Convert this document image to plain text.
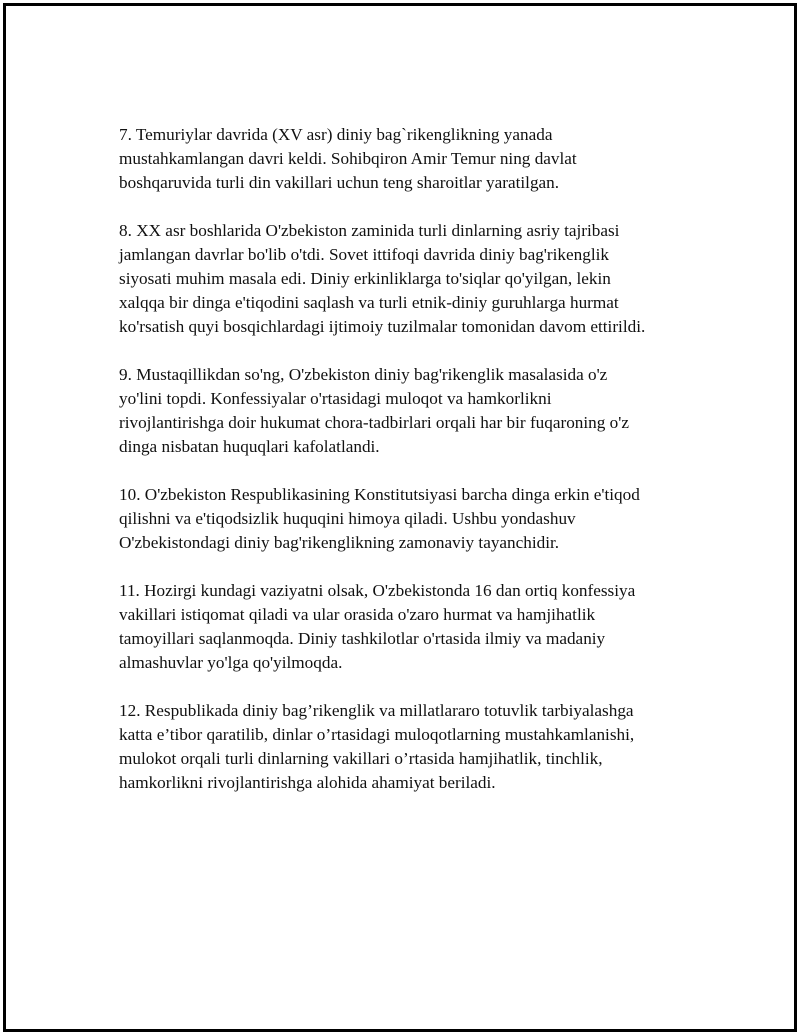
7. Temuriylar davrida (XV asr) diniy bag`rikenglikning yanada
mustahkamlangan davri keldi. Sohibqiron Amir Temur ning davlat
boshqaruvida turli din vakillari uchun teng sharoitlar yaratilgan.

8. XX asr boshlarida O'zbekiston zaminida turli dinlarning asriy tajribasi
jamlangan davrlar bo'lib o'tdi. Sovet ittifoqi davrida diniy bag'rikenglik
siyosati muhim masala edi. Diniy erkinliklarga to'siqlar qo'yilgan, lekin
xalqqa bir dinga e'tiqodini saqlash va turli etnik-diniy guruhlarga hurmat
ko'rsatish quyi bosqichlardagi ijtimoiy tuzilmalar tomonidan davom ettirildi.

9. Mustaqillikdan so'ng, O'zbekiston diniy bag'rikenglik masalasida o'z
yo'lini topdi. Konfessiyalar o'rtasidagi muloqot va hamkorlikni
rivojlantirishga doir hukumat chora-tadbirlari orqali har bir fuqaroning o'z
dinga nisbatan huquqlari kafolatlandi.

10. O'zbekiston Respublikasining Konstitutsiyasi barcha dinga erkin e'tiqod
qilishni va e'tiqodsizlik huquqini himoya qiladi. Ushbu yondashuv
O'zbekistondagi diniy bag'rikenglikning zamonaviy tayanchidir.

11. Hozirgi kundagi vaziyatni olsak, O'zbekistonda 16 dan ortiq konfessiya
vakillari istiqomat qiladi va ular orasida o'zaro hurmat va hamjihatlik
tamoyillari saqlanmoqda. Diniy tashkilotlar o'rtasida ilmiy va madaniy
almashuvlar yo'lga qo'yilmoqda.

12. Respublikada diniy bag’rikenglik va millatlararo totuvlik tarbiyalashga
katta e’tibor qaratilib, dinlar o’rtasidagi muloqotlarning mustahkamlanishi,
mulokot orqali turli dinlarning vakillari o’rtasida hamjihatlik, tinchlik,
hamkorlikni rivojlantirishga alohida ahamiyat beriladi.
